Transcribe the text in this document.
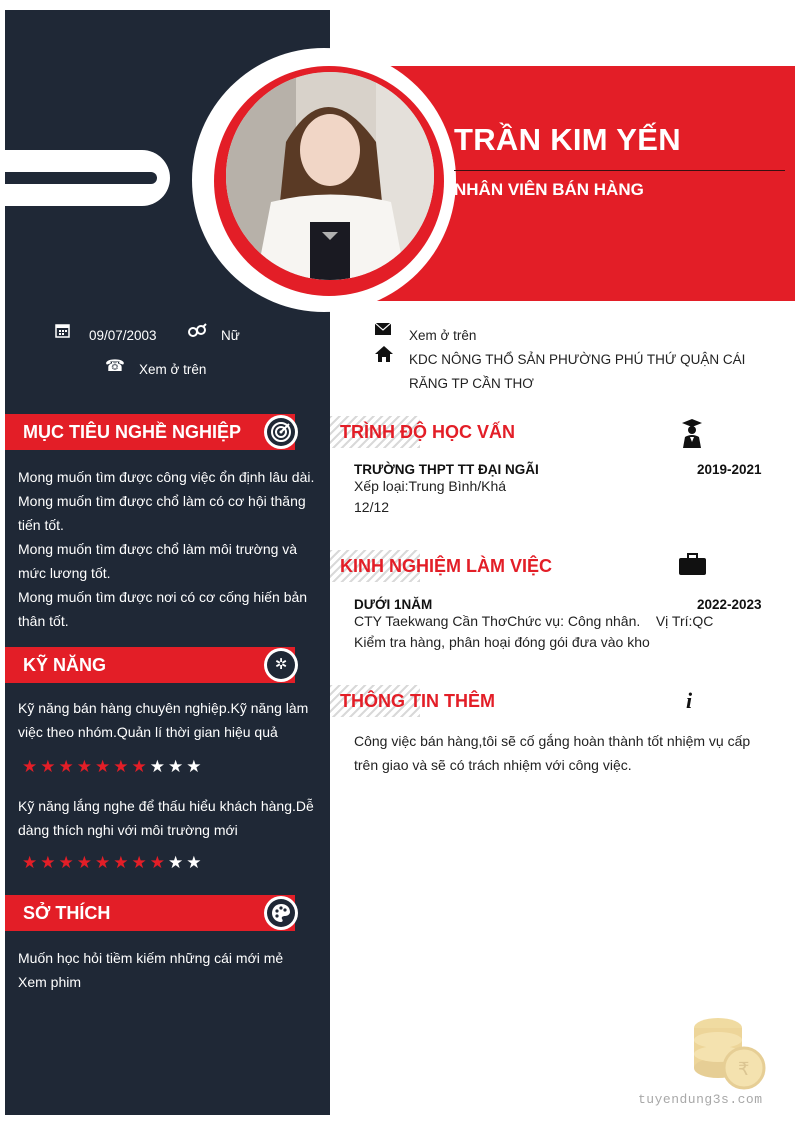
TRẦN KIM YẾN
NHÂN VIÊN BÁN HÀNG
09/07/2003	Nữ
☎ Xem ở trên
Xem ở trên
KDC NÔNG THỔ SẢN PHƯỜNG PHÚ THỨ QUẬN CÁI RĂNG TP CẦN THƠ
MỤC TIÊU NGHỀ NGHIỆP
Mong muốn tìm được công việc ổn định lâu dài.
Mong muốn tìm được chổ làm có cơ hội thăng tiến tốt.
Mong muốn tìm được chổ làm môi trường và mức lương tốt.
Mong muốn tìm được nơi có cơ cống hiến bản thân tốt.
KỸ NĂNG	✲
Kỹ năng bán hàng chuyên nghiệp.Kỹ năng làm việc theo nhóm.Quản lí thời gian hiệu quả
★★★★★★★★★★
Kỹ năng lắng nghe để thấu hiểu khách hàng.Dễ dàng thích nghi với môi trường mới
★★★★★★★★★★
SỞ THÍCH
Muốn học hỏi tiềm kiếm những cái mới mẻ
Xem phim
TRÌNH ĐỘ HỌC VẤN
TRƯỜNG THPT TT ĐẠI NGÃI	2019-2021
Xếp loại:Trung Bình/Khá
12/12
KINH NGHIỆM LÀM VIỆC
DƯỚI 1NĂM	2022-2023
CTY Taekwang Cần ThơChức vụ: Công nhân.    Vị Trí:QC
Kiểm tra hàng, phân hoại đóng gói đưa vào kho
THÔNG TIN THÊM	i
Công việc bán hàng,tôi sẽ cố gắng hoàn thành tốt nhiệm vụ cấp trên giao và sẽ có trách nhiệm với công việc.
₹
tuyendung3s.com
